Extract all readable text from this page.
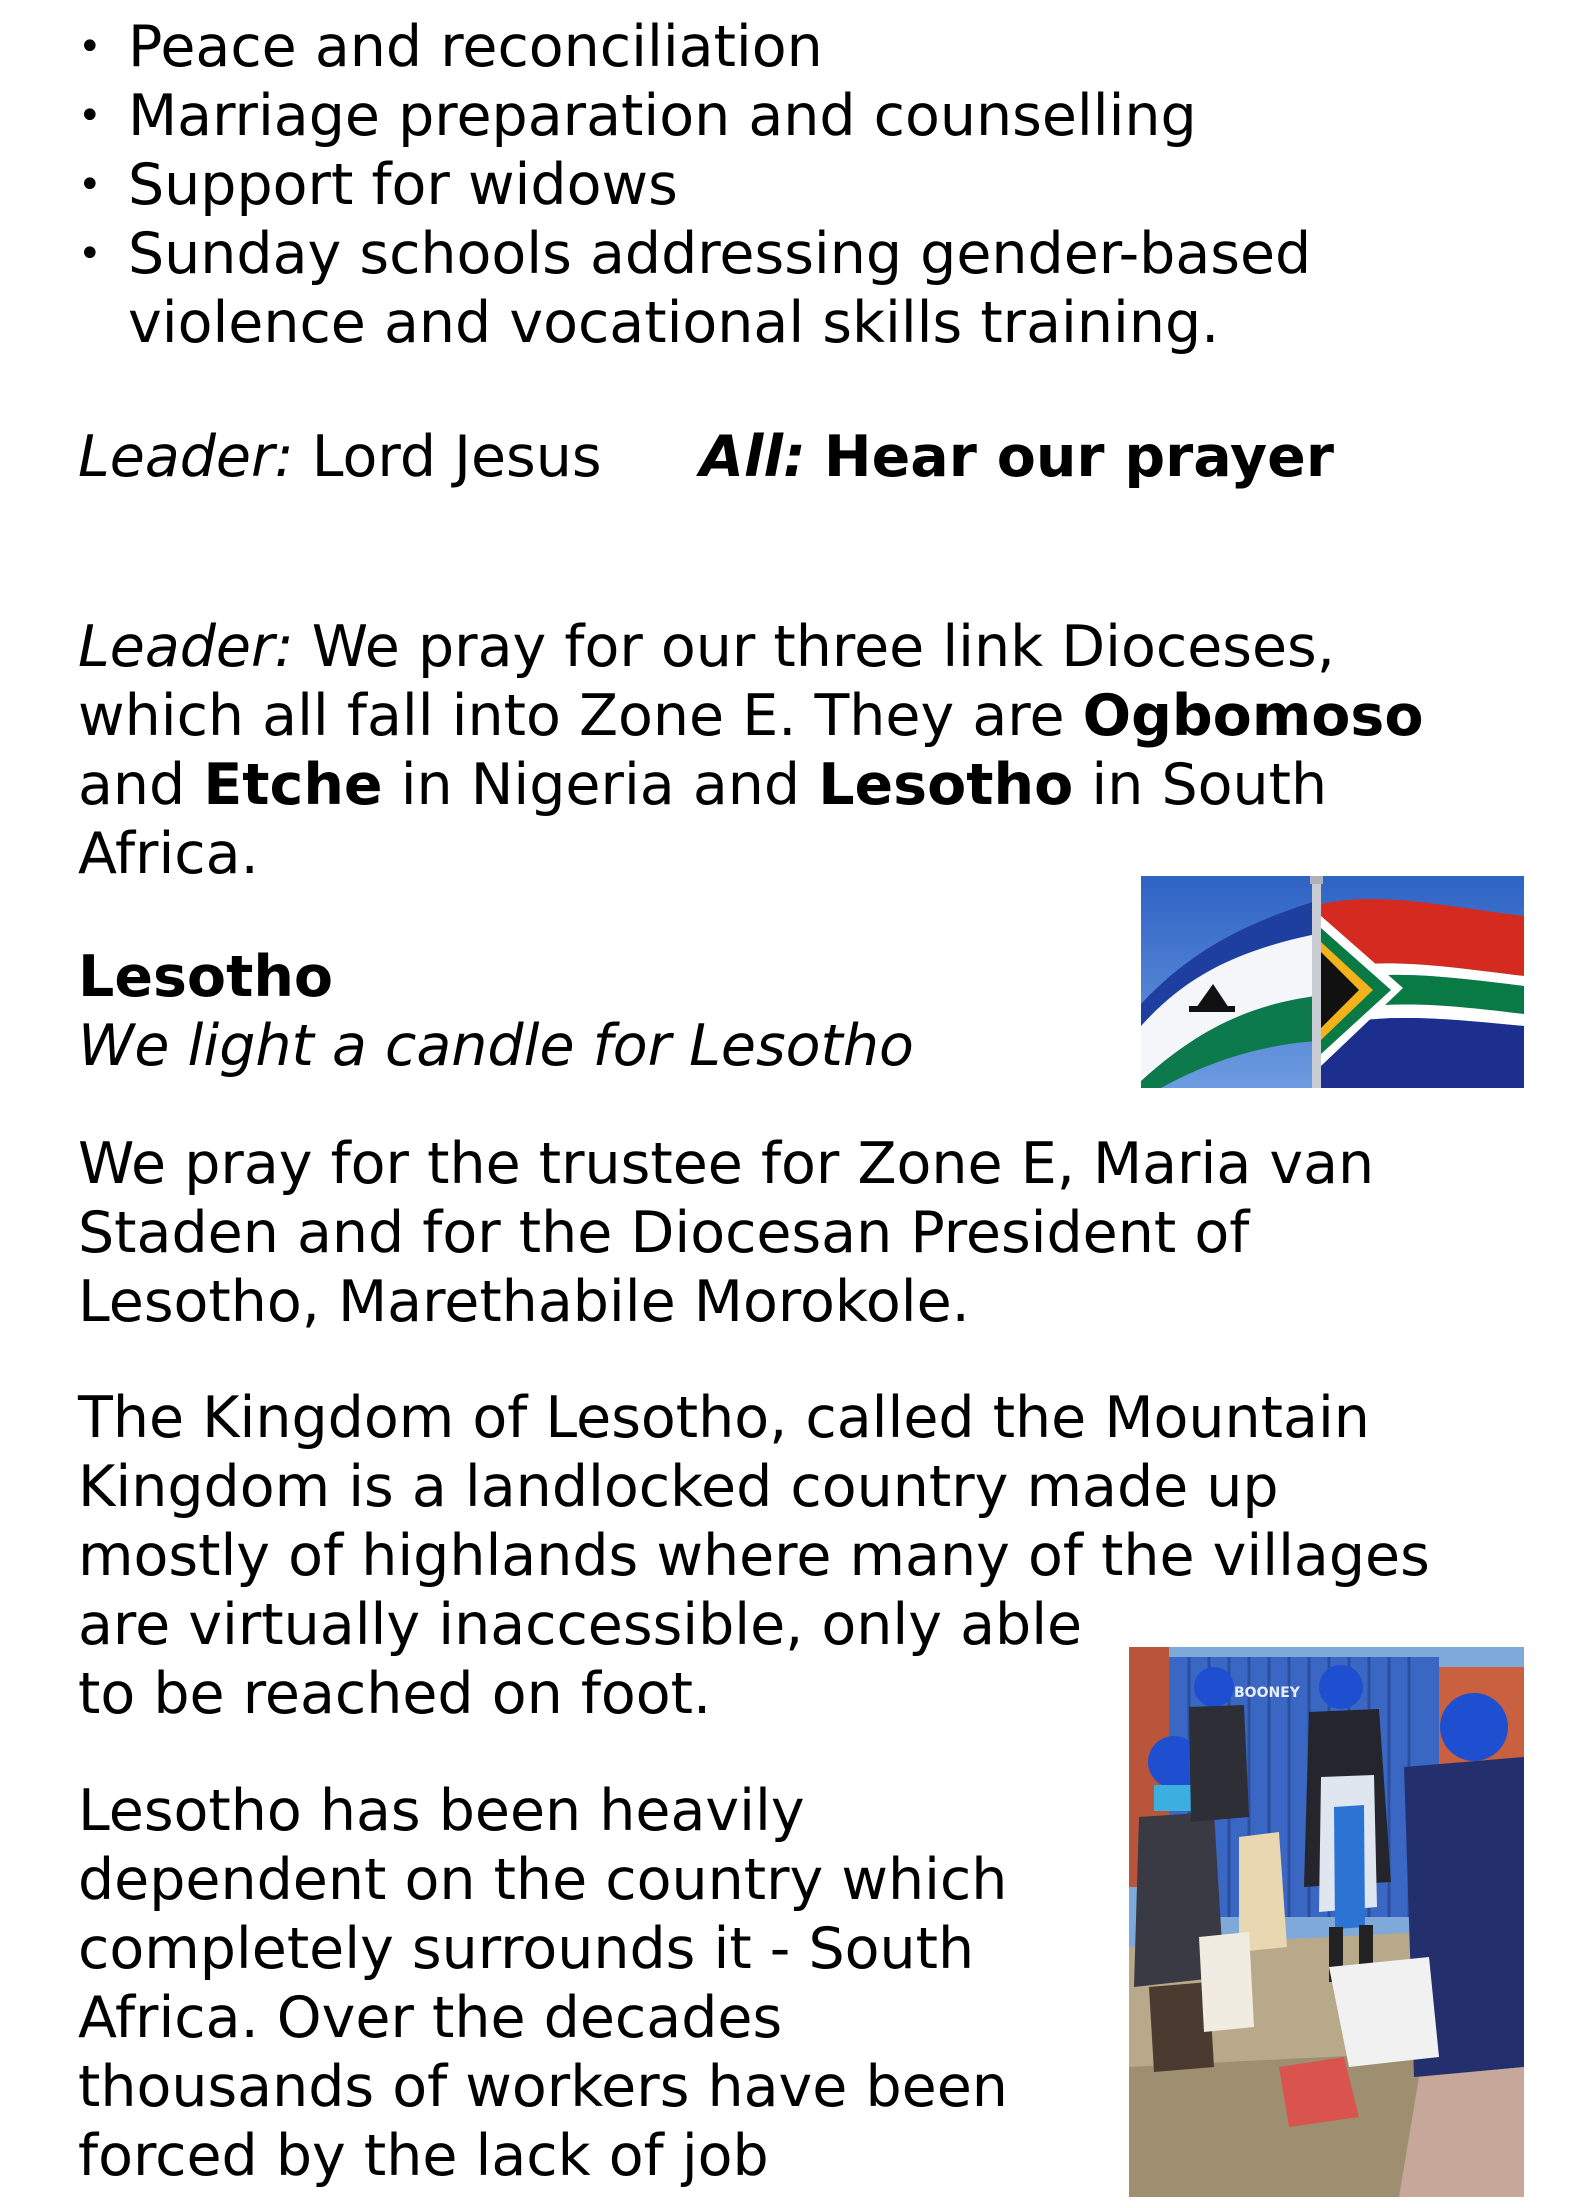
• Peace and reconciliation
• Marriage preparation and counselling
• Support for widows
• Sunday schools addressing gender-based
violence and vocational skills training.
Leader: Lord Jesus All: Hear our prayer
Leader: We pray for our three link Dioceses,
which all fall into Zone E. They are Ogbomoso
and Etche in Nigeria and Lesotho in South
Africa.
Lesotho
We light a candle for Lesotho
We pray for the trustee for Zone E, Maria van
Staden and for the Diocesan President of
Lesotho, Marethabile Morokole.
The Kingdom of Lesotho, called the Mountain
Kingdom is a landlocked country made up
mostly of highlands where many of the villages
are virtually inaccessible, only able
to be reached on foot.
Lesotho has been heavily
dependent on the country which
completely surrounds it - South
Africa. Over the decades
thousands of workers have been
forced by the lack of job
BOONEY
